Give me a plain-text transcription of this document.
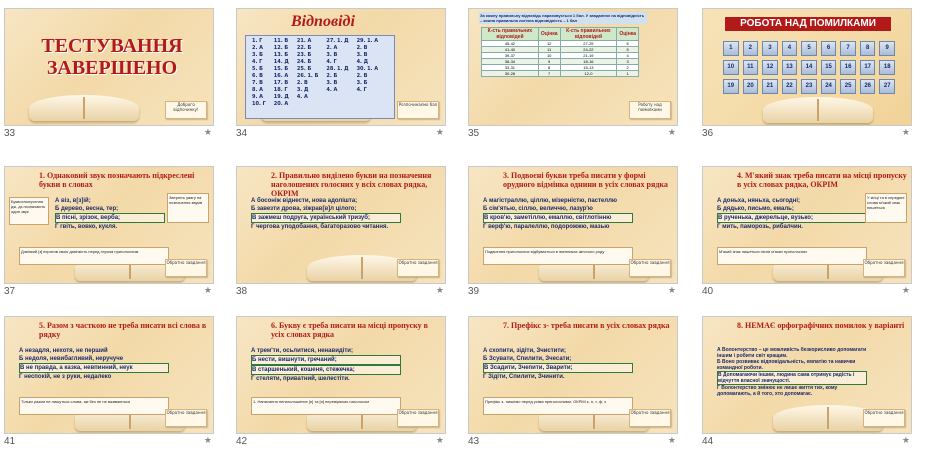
ТЕСТУВАННЯ
ЗАВЕРШЕНО
Доброго відпочинку!
33	★
Відповіді
1. Г	11. В	21. А	27. 1. Д	29. 1. А
2. А	12. Б	22. Б	2. А	2. В
3. Б	13. Б	23. Б	3. В	3. В
4. Г	14. Д	24. Б	4. Г	4. Д
5. Б	15. Б	25. Б	28. 1. Д	30. 1. А
6. В	16. А	26. 1. Б	2. Б	2. В
7. В	17. В	2. В	3. В	3. Б
8. А	18. Г	3. Д	4. А	4. Г
9. А	19. Д	4. А		
10. Г	20. А				Розпочинаємо бал
34	★
За кожну правильну відповідь нараховується 1 бал. У завданнях на відповідність – кожна правильна логічна відповідність – 1 бал
К-сть правильних відповідей	Оцінка	К-сть правильних відповідей	Оцінка
45-42	12	27-25	6
41-40	11	24-22	5
39-37	10	21-19	4
36-34	9	18-16	3
33-31	8	15-13	2
30-28	7	12-0	1
Роботу над помилками
35	★
РОБОТА НАД ПОМИЛКАМИ
1	2	3	4	5	6	7	8	9
10	11	12	13	14	15	16	17	18
19	20	21	22	23	24	25	26	27
36	★
1. Однаковий звук позначають підкреслені букви в словах
А віз, в[з]ій;
Б дерево, весна, тер;
В пісні, зрізок, верба;
Г гвіть, вовко, кукля.
Зверніть увагу на позначення звуків
Буквосполучення дж, дз позначають один звук
Дзвінкий [з] втратив свою дзвінкість перед глухим приголосним
Обратно завдання
37	★
2. Правильно виділено букви на позначення наголошених голосних у всіх словах рядка, ОКРІМ
А босоніж віднести, нова адолішта;
Б завезти дрова, зіжрав[в]л цілого;
В зажмеш подруга, український тризуб;
Г чергова уподобання, багаторазово читання.
Обратно завдання
38	★
3. Подвоєні букви треба писати у формі орудного відмінка однини в усіх словах рядка
А магістраллю, ціллю, мізерністю, пастеллю
Б сім'ятью, сіллю, величчю, лазур'ю
В кров'ю, заметіллю, емаллю, світлотінню
Г верф'ю, паралеллю, подорожжю, мазью
Подвоєння приголосних відбувається в іменниках жіночого роду
Обратно завдання
39	★
4. М'який знак треба писати на місці пропуску в усіх словах рядка, ОКРІМ
А доньха, няньха, сьогодні;
Б дядько, письмо, емаль;
В рученька, джерельце, вузько;
Г мить, паморозь, рибалчин.
У кінці та в середині слова м'який знак пишеться
М'який знак пишеться після м'яких приголосних
Обратно завдання
40	★
5. Разом з часткою не треба писати всі слова в рядку
А незадля, нехотя, не перший
Б недоля, невибагливий, неручуче
В не правда, а казка, невпинний, неук
Г неспокій, не з руки, недалеко
Тільки разом не пишуться слова, які без не не вживаються
Обратно завдання
41	★
6. Букву є треба писати на місці пропуску в усіх словах рядка
А трем'ти, осьлитися, ненавидіти;
Б нести, вишнути, гречаний;
В старшенький, кошеня, стежечка;
Г стеляти, приватний, шелестіти.
1. Написання ненаголошених [е] та [и] перевіряємо наголосом
Обратно завдання
42	★
7. Префікс з- треба писати в усіх словах рядка
А схопити, зідіти, Зчистити;
Б Зсувати, Спилити, Зчесати;
В Зсадити, Зчепити, Зварити;
Г Зідіти, Спилити, Зчинити.
Префікс з- пишемо перед усіма приголосними, ОКРІМ к, п, т, ф, х
Обратно завдання
43	★
8. НЕМАЄ орфографічних помилок у варіанті
А Волонтерство – це можливість безкорисливо допомагати іншим і робити світ кращим.
Б Воно розвиває відповідальність, емпатію та навички командної роботи.
В Допомагаючи іншим, людина сама отримує радість і відчуття власної значущості.
Г Волонтерство змінює не лише життя тих, кому допомагають, а й того, хто допомагає.
Обратно завдання
44	★
